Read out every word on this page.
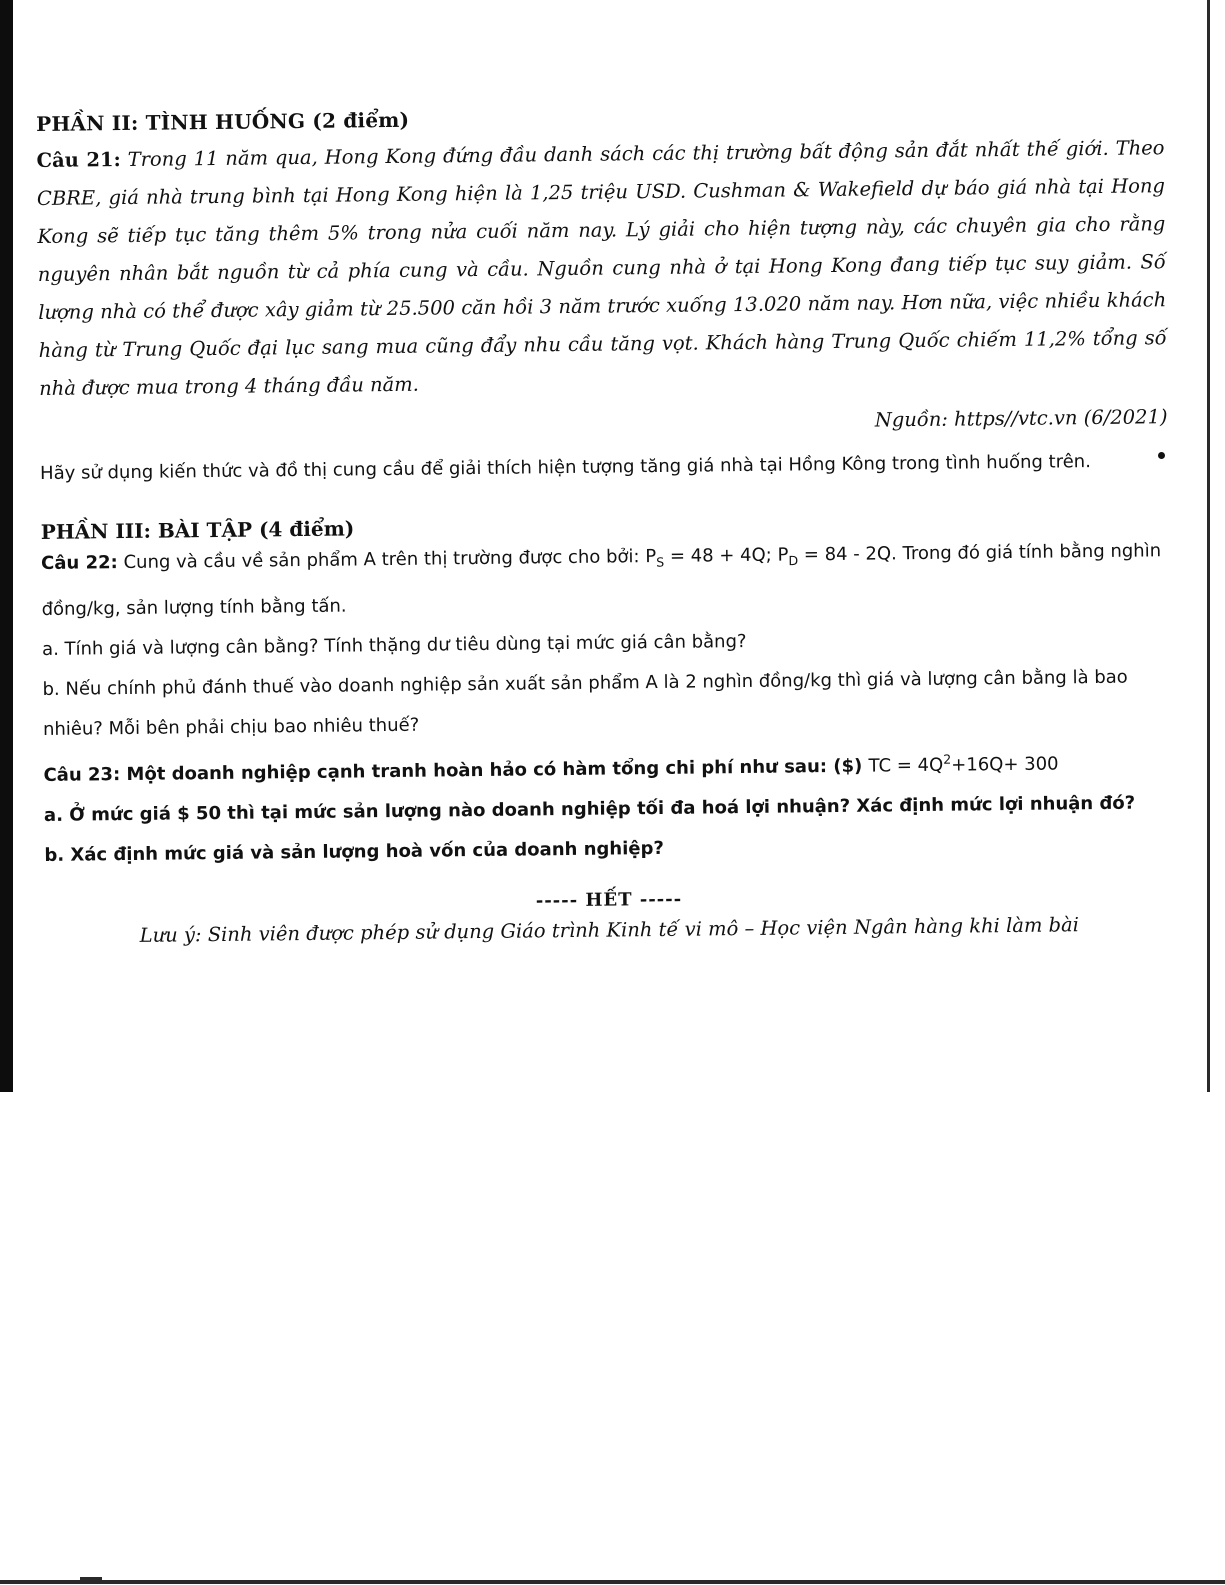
PHẦN II: TÌNH HUỐNG (2 điểm)

Câu 21: Trong 11 năm qua, Hong Kong đứng đầu danh sách các thị trường bất động sản đắt nhất thế giới. Theo CBRE, giá nhà trung bình tại Hong Kong hiện là 1,25 triệu USD. Cushman & Wakefield dự báo giá nhà tại Hong Kong sẽ tiếp tục tăng thêm 5% trong nửa cuối năm nay. Lý giải cho hiện tượng này, các chuyên gia cho rằng nguyên nhân bắt nguồn từ cả phía cung và cầu. Nguồn cung nhà ở tại Hong Kong đang tiếp tục suy giảm. Số lượng nhà có thể được xây giảm từ 25.500 căn hồi 3 năm trước xuống 13.020 năm nay. Hơn nữa, việc nhiều khách hàng từ Trung Quốc đại lục sang mua cũng đẩy nhu cầu tăng vọt. Khách hàng Trung Quốc chiếm 11,2% tổng số nhà được mua trong 4 tháng đầu năm.

Nguồn: https//vtc.vn (6/2021)

Hãy sử dụng kiến thức và đồ thị cung cầu để giải thích hiện tượng tăng giá nhà tại Hồng Kông trong tình huống trên.

PHẦN III: BÀI TẬP (4 điểm)

Câu 22: Cung và cầu về sản phẩm A trên thị trường được cho bởi: $P_S = 48 + 4Q$; $P_D = 84 - 2Q$. Trong đó giá tính bằng nghìn đồng/kg, sản lượng tính bằng tấn.

a. Tính giá và lượng cân bằng? Tính thặng dư tiêu dùng tại mức giá cân bằng?

b. Nếu chính phủ đánh thuế vào doanh nghiệp sản xuất sản phẩm A là 2 nghìn đồng/kg thì giá và lượng cân bằng là bao nhiêu? Mỗi bên phải chịu bao nhiêu thuế?

Câu 23: Một doanh nghiệp cạnh tranh hoàn hảo có hàm tổng chi phí như sau: ($) TC = $4Q^2+16Q+ 300$

a. Ở mức giá $ 50 thì tại mức sản lượng nào doanh nghiệp tối đa hoá lợi nhuận? Xác định mức lợi nhuận đó?

b. Xác định mức giá và sản lượng hoà vốn của doanh nghiệp?

----- HẾT -----

Lưu ý: Sinh viên được phép sử dụng Giáo trình Kinh tế vi mô – Học viện Ngân hàng khi làm bài
